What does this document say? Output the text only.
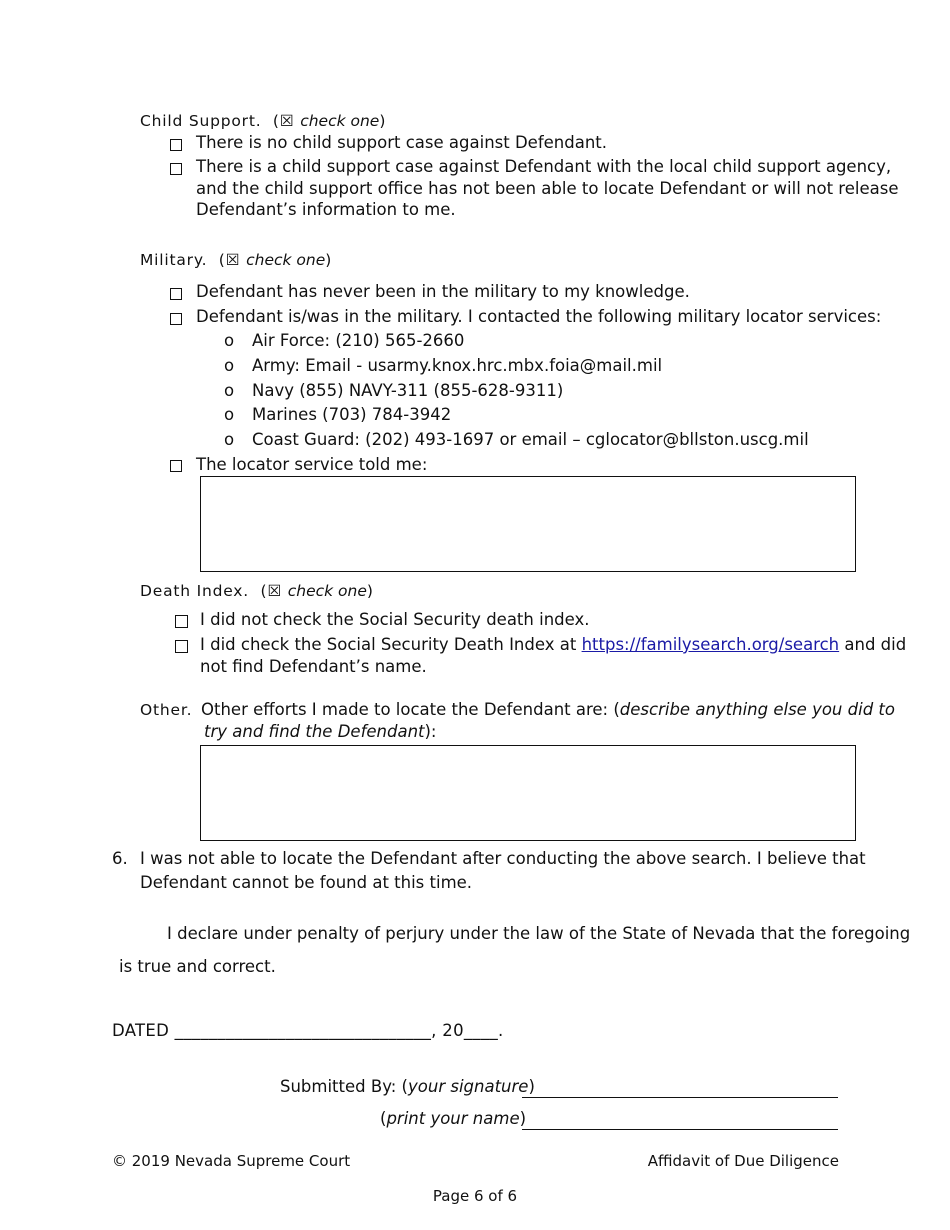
Child Support.  (☒ check one)
There is no child support case against Defendant.
There is a child support case against Defendant with the local child support agency,
and the child support office has not been able to locate Defendant or will not release
Defendant’s information to me.
Military.  (☒ check one)
Defendant has never been in the military to my knowledge.
Defendant is/was in the military. I contacted the following military locator services:
o Air Force: (210) 565-2660
o Army: Email - usarmy.knox.hrc.mbx.foia@mail.mil
o Navy (855) NAVY-311 (855-628-9311)
o Marines (703) 784-3942
o Coast Guard: (202) 493-1697 or email – cglocator@bllston.uscg.mil
The locator service told me:
Death Index.  (☒ check one)
I did not check the Social Security death index.
I did check the Social Security Death Index at https://familysearch.org/search and did
not find Defendant’s name.
Other. Other efforts I made to locate the Defendant are: (describe anything else you did to
try and find the Defendant):
6. I was not able to locate the Defendant after conducting the above search. I believe that
Defendant cannot be found at this time.
I declare under penalty of perjury under the law of the State of Nevada that the foregoing
is true and correct.
DATED ______________________________, 20____.
Submitted By: (your signature)
(print your name)
© 2019 Nevada Supreme Court	Affidavit of Due Diligence
Page 6 of 6
